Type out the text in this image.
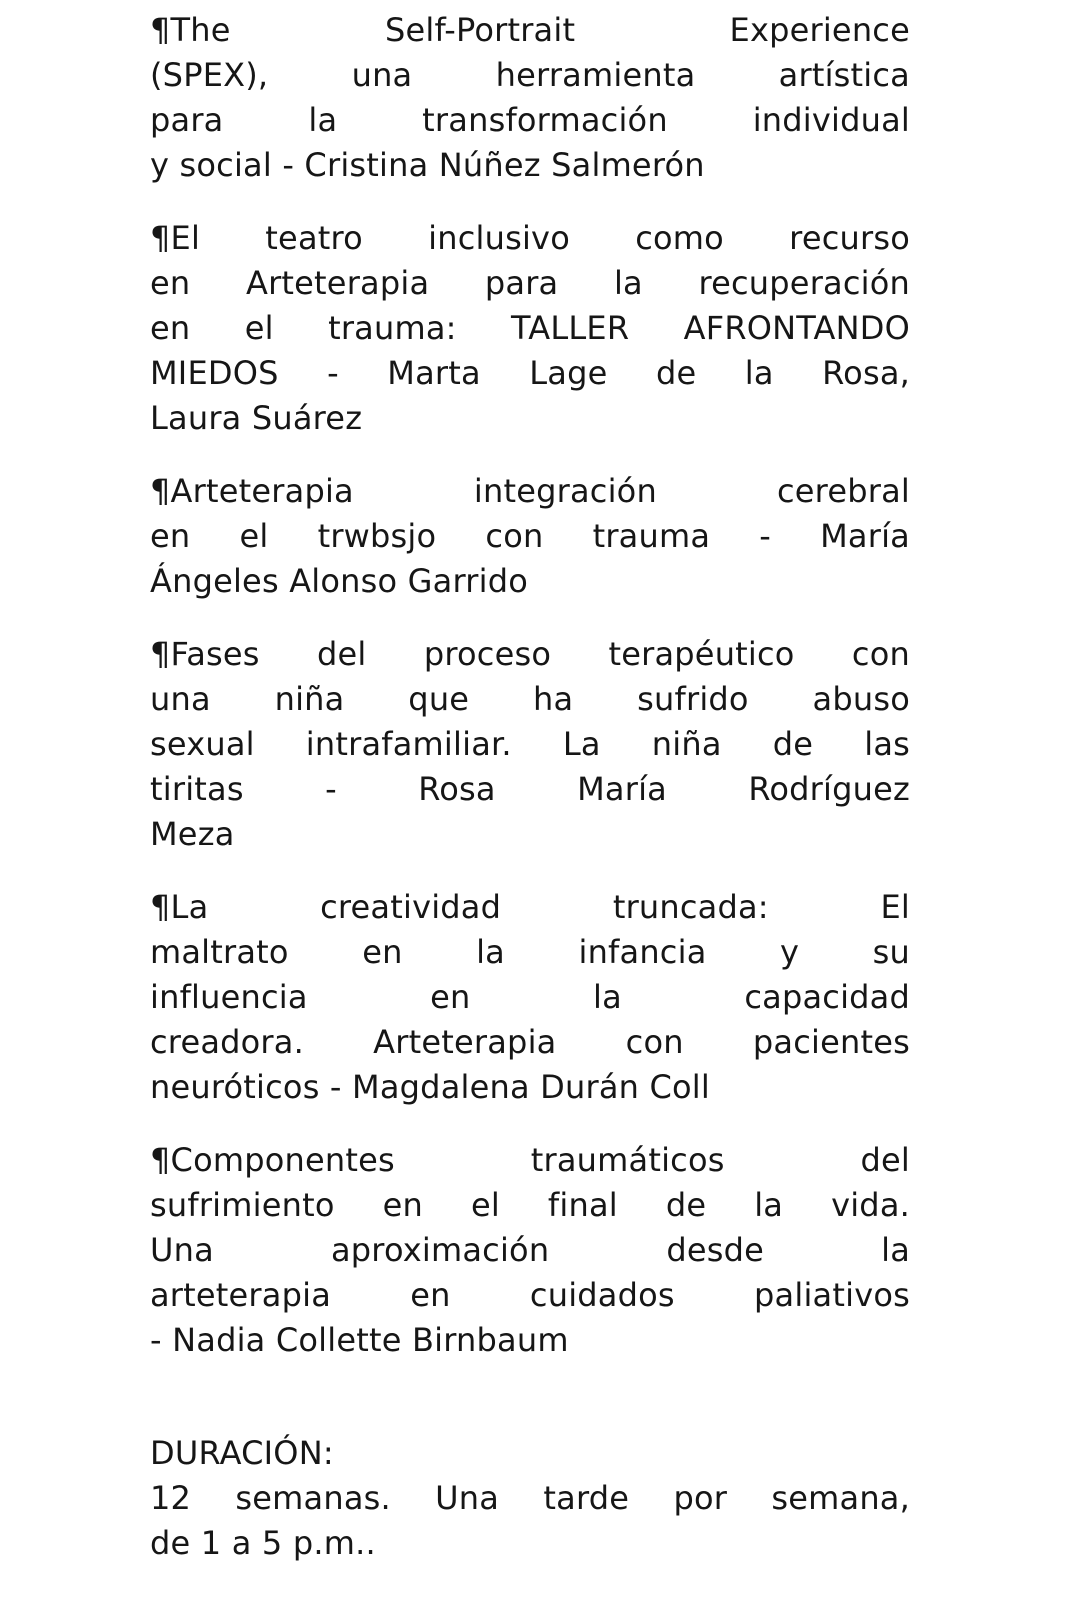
¶The Self-Portrait Experience
(SPEX), una herramienta artística
para la transformación individual
y social - Cristina Núñez Salmerón
¶El teatro inclusivo como recurso
en Arteterapia para la recuperación
en el trauma: TALLER AFRONTANDO
MIEDOS - Marta Lage de la Rosa,
Laura Suárez
¶Arteterapia integración cerebral
en el trwbsjo con trauma - María
Ángeles Alonso Garrido
¶Fases del proceso terapéutico con
una niña que ha sufrido abuso
sexual intrafamiliar. La niña de las
tiritas - Rosa María Rodríguez
Meza
¶La creatividad truncada: El
maltrato en la infancia y su
influencia en la capacidad
creadora. Arteterapia con pacientes
neuróticos - Magdalena Durán Coll
¶Componentes traumáticos del
sufrimiento en el final de la vida.
Una aproximación desde la
arteterapia en cuidados paliativos
- Nadia Collette Birnbaum
DURACIÓN:
12 semanas. Una tarde por semana,
de 1 a 5 p.m..
